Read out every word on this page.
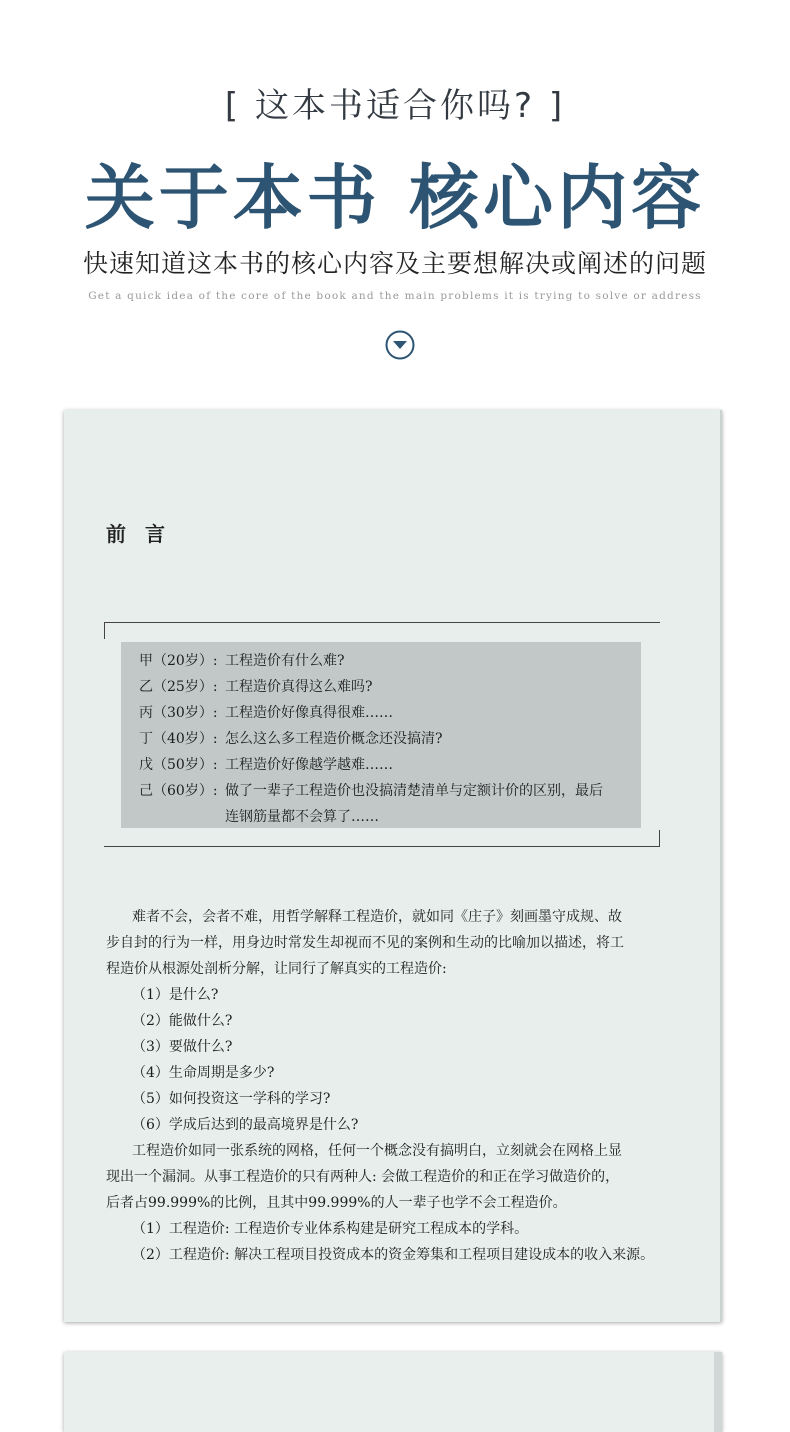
[ 这本书适合你吗? ]
关于本书 核心内容
快速知道这本书的核心内容及主要想解决或阐述的问题
Get a quick idea of the core of the book and the main problems it is trying to solve or address
前 言
甲（20岁）: 工程造价有什么难?
乙（25岁）: 工程造价真得这么难吗?
丙（30岁）: 工程造价好像真得很难……
丁（40岁）: 怎么这么多工程造价概念还没搞清?
戊（50岁）: 工程造价好像越学越难……
己（60岁）: 做了一辈子工程造价也没搞清楚清单与定额计价的区别，最后
连钢筋量都不会算了……
难者不会，会者不难，用哲学解释工程造价，就如同《庄子》刻画墨守成规、故
步自封的行为一样，用身边时常发生却视而不见的案例和生动的比喻加以描述，将工
程造价从根源处剖析分解，让同行了解真实的工程造价:
（1）是什么?
（2）能做什么?
（3）要做什么?
（4）生命周期是多少?
（5）如何投资这一学科的学习?
（6）学成后达到的最高境界是什么?
工程造价如同一张系统的网格，任何一个概念没有搞明白，立刻就会在网格上显
现出一个漏洞。从事工程造价的只有两种人: 会做工程造价的和正在学习做造价的，
后者占99.999%的比例，且其中99.999%的人一辈子也学不会工程造价。
（1）工程造价: 工程造价专业体系构建是研究工程成本的学科。
（2）工程造价: 解决工程项目投资成本的资金筹集和工程项目建设成本的收入来源。
